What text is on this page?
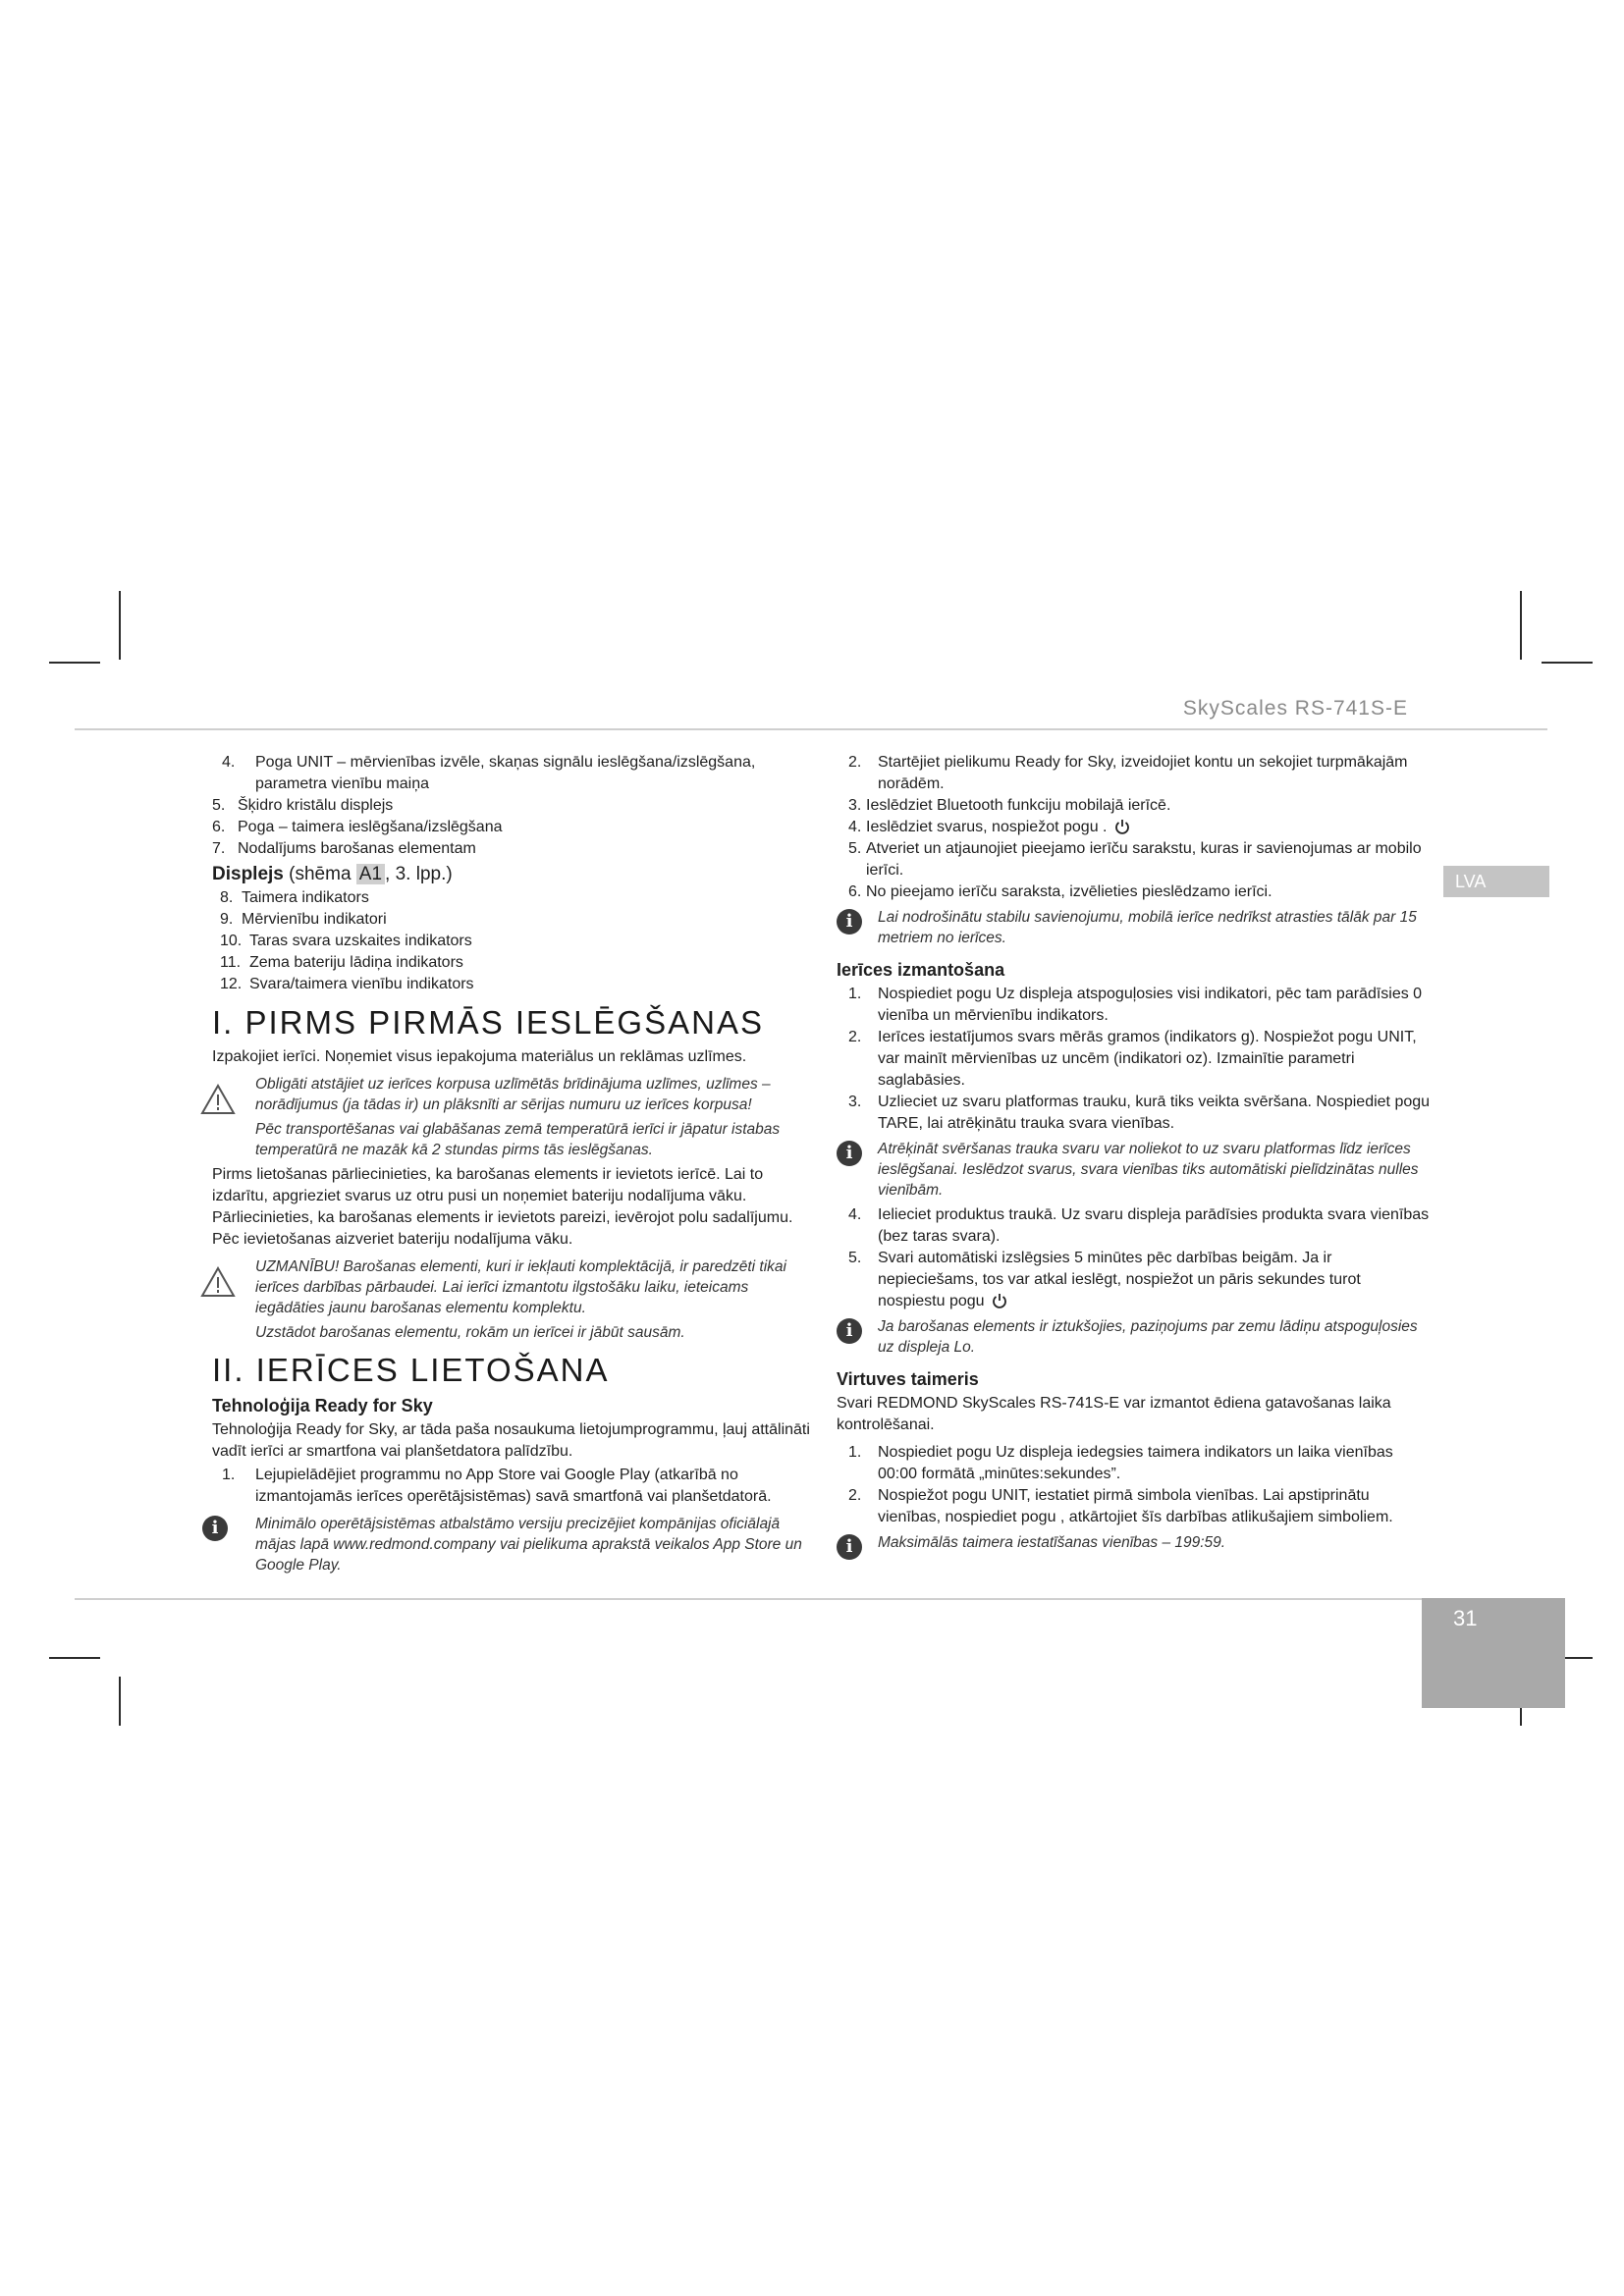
SkyScales RS-741S-E
LVA
31
4. Poga UNIT – mērvienības izvēle, skaņas signālu ieslēgšana/izslēgšana, parametra vienību maiņa
5. Šķidro kristālu displejs
6. Poga – taimera ieslēgšana/izslēgšana
7. Nodalījums barošanas elementam
Displejs (shēma A1 , 3. lpp.)
8. Taimera indikators
9. Mērvienību indikatori
10. Taras svara uzskaites indikators
11. Zema bateriju lādiņa indikators
12. Svara/taimera vienību indikators
I. PIRMS PIRMĀS IESLĒGŠANAS

Izpakojiet ierīci. Noņemiet visus iepakojuma materiālus un reklāmas uzlīmes.

Obligāti atstājiet uz ierīces korpusa uzlīmētās brīdinājuma uzlīmes, uzlīmes – norādījumus (ja tādas ir) un plāksnīti ar sērijas numuru uz ierīces korpusa!
Pēc transportēšanas vai glabāšanas zemā temperatūrā ierīci ir jāpatur istabas temperatūrā ne mazāk kā 2 stundas pirms tās ieslēgšanas.

Pirms lietošanas pārliecinieties, ka barošanas elements ir ievietots ierīcē. Lai to izdarītu, apgrieziet svarus uz otru pusi un noņemiet bateriju nodalījuma vāku. Pārliecinieties, ka barošanas elements ir ievietots pareizi, ievērojot polu sadalījumu. Pēc ievietošanas aizveriet bateriju nodalījuma vāku.

UZMANĪBU! Barošanas elementi, kuri ir iekļauti komplektācijā, ir paredzēti tikai ierīces darbības pārbaudei. Lai ierīci izmantotu ilgstošāku laiku, ieteicams iegādāties jaunu barošanas elementu komplektu.
Uzstādot barošanas elementu, rokām un ierīcei ir jābūt sausām.
II. IERĪCES LIETOŠANA
Tehnoloģija Ready for Sky

Tehnoloģija Ready for Sky, ar tāda paša nosaukuma lietojumprogrammu, ļauj attālināti vadīt ierīci ar smartfona vai planšetdatora palīdzību.

1. Lejupielādējiet programmu no App Store vai Google Play (atkarībā no izmantojamās ierīces operētājsistēmas) savā smartfonā vai planšetdatorā.
i	Minimālo operētājsistēmas atbalstāmo versiju precizējiet kompānijas oficiālajā mājas lapā www.redmond.company vai pielikuma aprakstā veikalos App Store un Google Play.
2. Startējiet pielikumu Ready for Sky, izveidojiet kontu un sekojiet turpmākajām norādēm.
3. Ieslēdziet Bluetooth funkciju mobilajā ierīcē.
4. Ieslēdziet svarus, nospiežot pogu .
5. Atveriet un atjaunojiet pieejamo ierīču sarakstu, kuras ir savienojumas ar mobilo ierīci.
6. No pieejamo ierīču saraksta, izvēlieties pieslēdzamo ierīci.
i	Lai nodrošinātu stabilu savienojumu, mobilā ierīce nedrīkst atrasties tālāk par 15 metriem no ierīces.
Ierīces izmantošana
1. Nospiediet pogu Uz displeja atspoguļosies visi indikatori, pēc tam parādīsies 0 vienība un mērvienību indikators.
2. Ierīces iestatījumos svars mērās gramos (indikators g). Nospiežot pogu UNIT, var mainīt mērvienības uz uncēm (indikatori oz). Izmainītie parametri saglabāsies.
3. Uzlieciet uz svaru platformas trauku, kurā tiks veikta svēršana. Nospiediet pogu TARE, lai atrēķinātu trauka svara vienības.
i	Atrēķināt svēršanas trauka svaru var noliekot to uz svaru platformas līdz ierīces ieslēgšanai. Ieslēdzot svarus, svara vienības tiks automātiski pielīdzinātas nulles vienībām.
4. Ielieciet produktus traukā. Uz svaru displeja parādīsies produkta svara vienības (bez taras svara).
5. Svari automātiski izslēgsies 5 minūtes pēc darbības beigām. Ja ir nepieciešams, tos var atkal ieslēgt, nospiežot un pāris sekundes turot nospiestu pogu
i	Ja barošanas elements ir iztukšojies, paziņojums par zemu lādiņu atspoguļosies uz displeja Lo.
Virtuves taimeris

Svari REDMOND SkyScales RS-741S-E var izmantot ēdiena gatavošanas laika kontrolēšanai.

1. Nospiediet pogu Uz displeja iedegsies taimera indikators un laika vienības 00:00 formātā „minūtes:sekundes”.
2. Nospiežot pogu UNIT, iestatiet pirmā simbola vienības. Lai apstiprinātu vienības, nospiediet pogu , atkārtojiet šīs darbības atlikušajiem simboliem.
i	Maksimālās taimera iestatīšanas vienības – 199:59.
